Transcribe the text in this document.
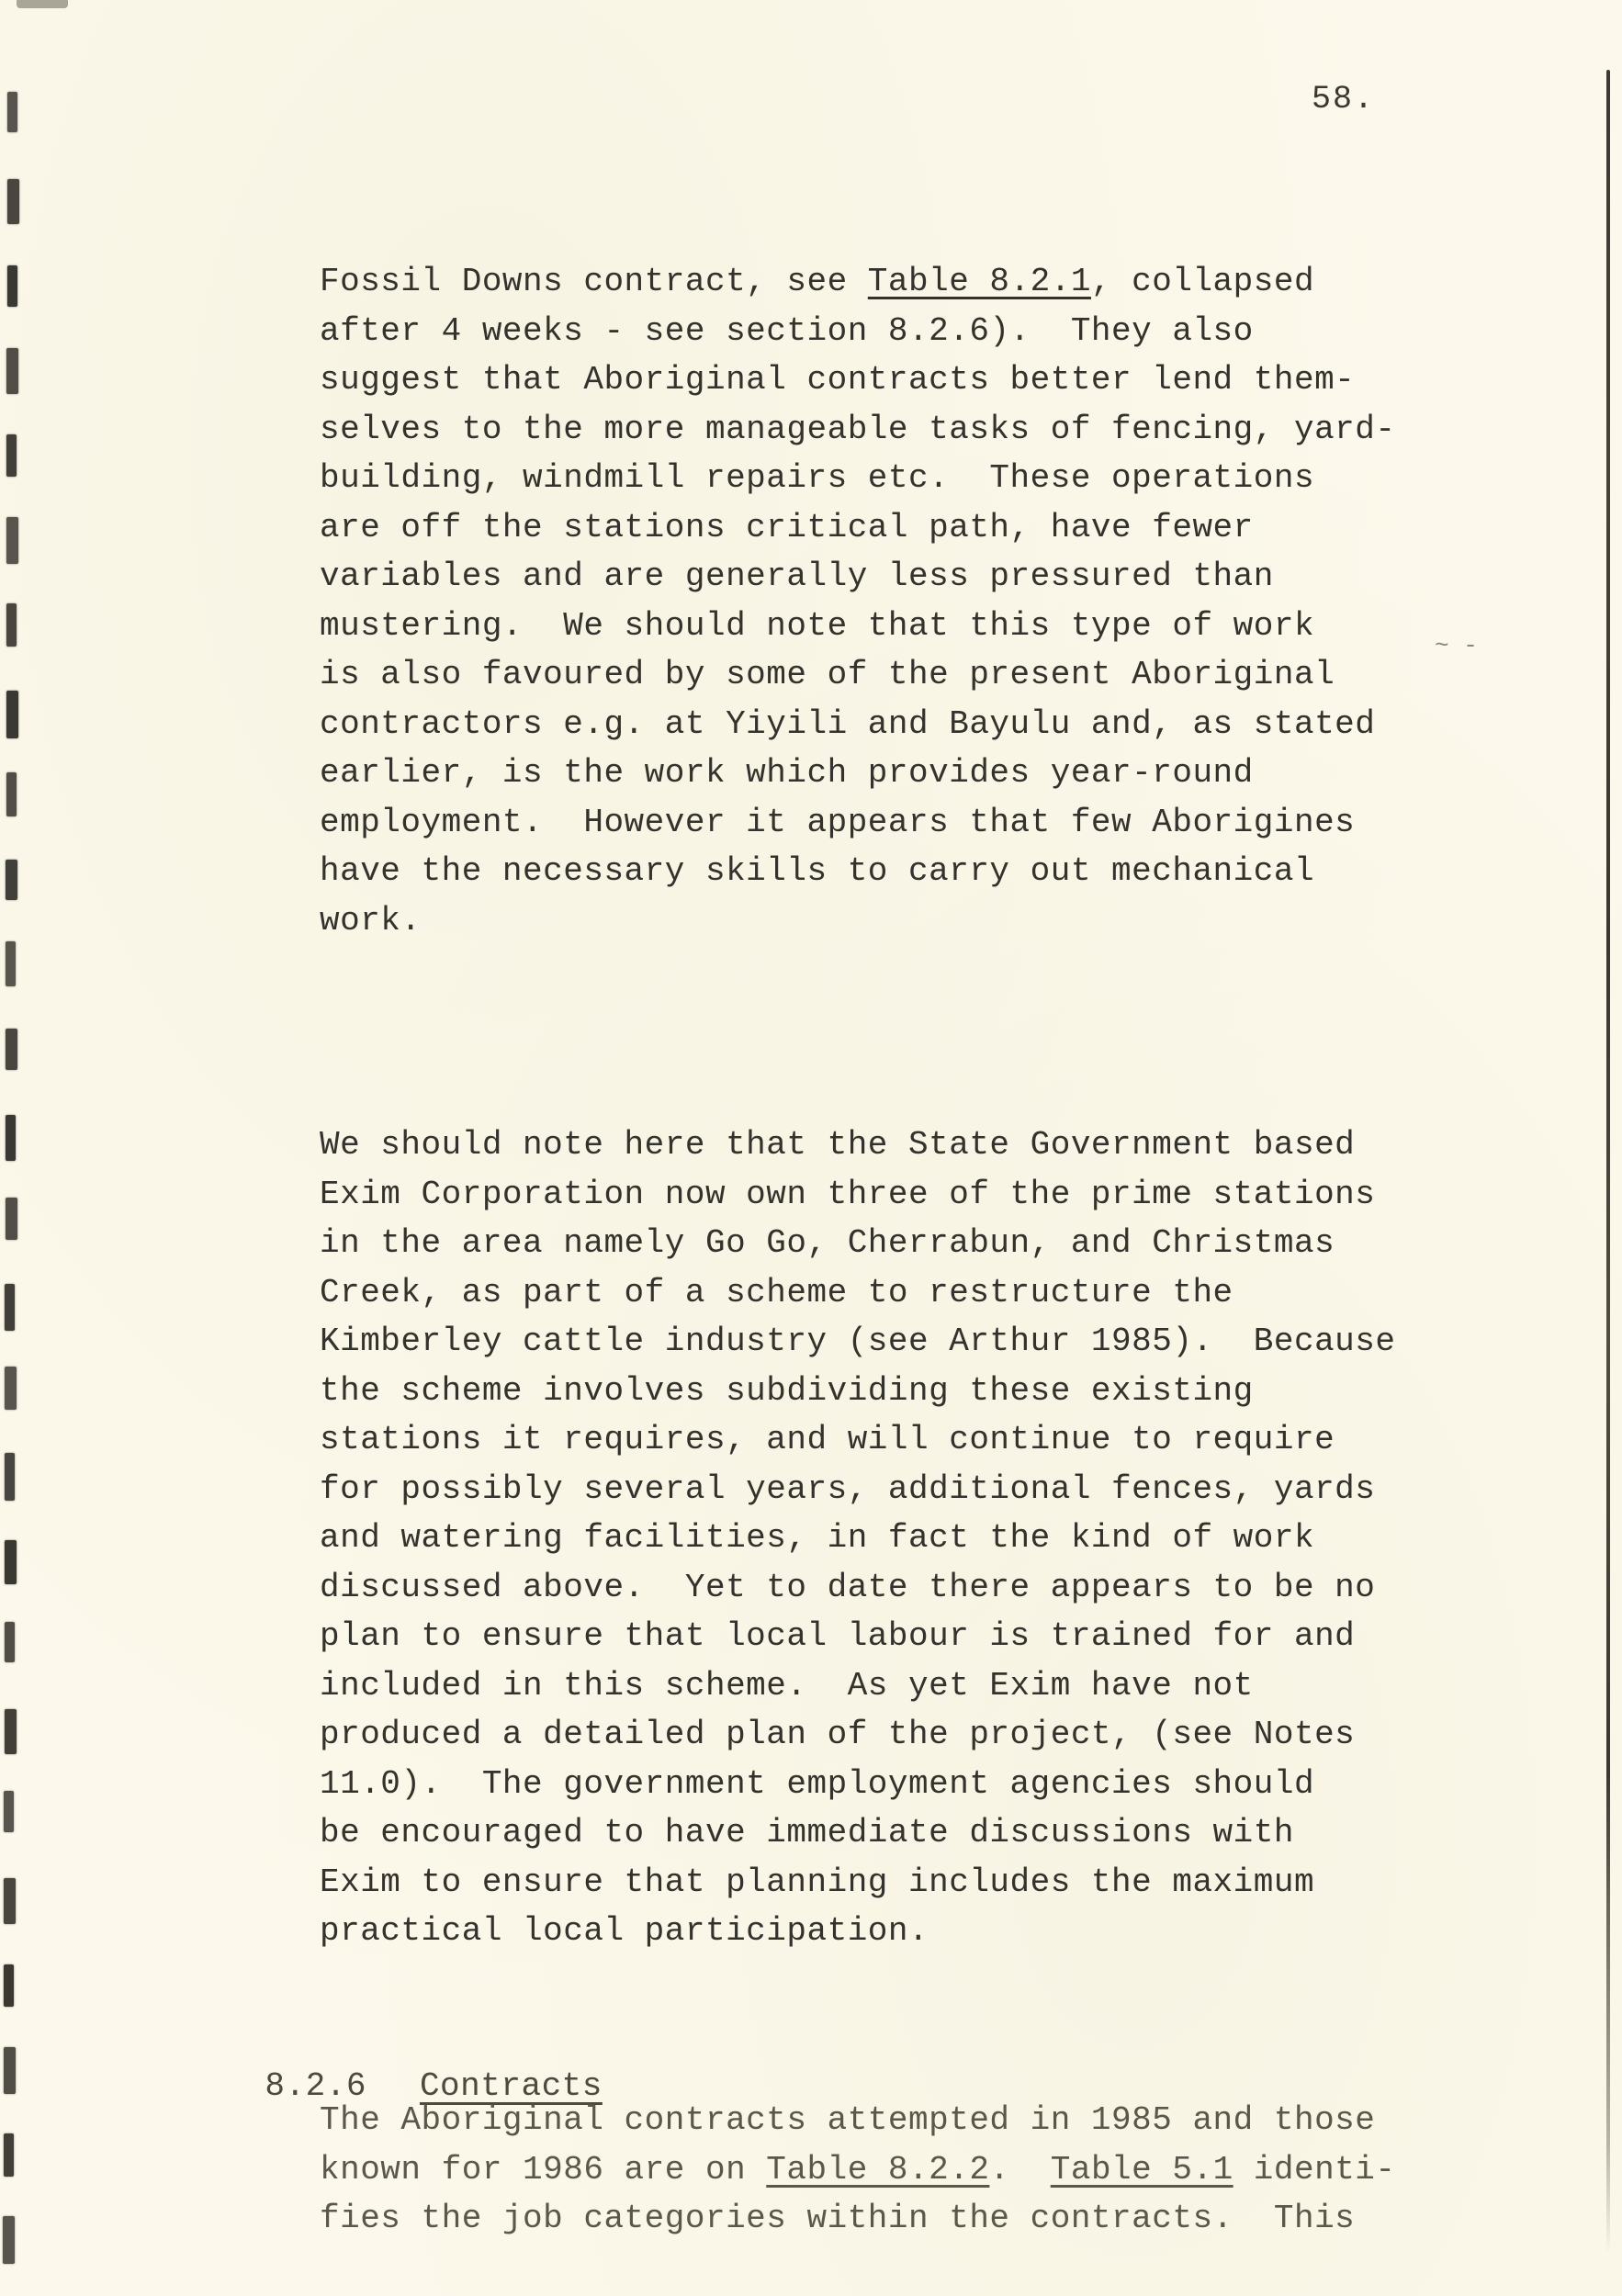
58.
Fossil Downs contract, see Table 8.2.1, collapsed
after 4 weeks - see section 8.2.6).  They also
suggest that Aboriginal contracts better lend them-
selves to the more manageable tasks of fencing, yard-
building, windmill repairs etc.  These operations
are off the stations critical path, have fewer
variables and are generally less pressured than
mustering.  We should note that this type of work
is also favoured by some of the present Aboriginal
contractors e.g. at Yiyili and Bayulu and, as stated
earlier, is the work which provides year-round
employment.  However it appears that few Aborigines
have the necessary skills to carry out mechanical
work.
We should note here that the State Government based
Exim Corporation now own three of the prime stations
in the area namely Go Go, Cherrabun, and Christmas
Creek, as part of a scheme to restructure the
Kimberley cattle industry (see Arthur 1985).  Because
the scheme involves subdividing these existing
stations it requires, and will continue to require
for possibly several years, additional fences, yards
and watering facilities, in fact the kind of work
discussed above.  Yet to date there appears to be no
plan to ensure that local labour is trained for and
included in this scheme.  As yet Exim have not
produced a detailed plan of the project, (see Notes
11.0).  The government employment agencies should
be encouraged to have immediate discussions with
Exim to ensure that planning includes the maximum
practical local participation.

8.2.6 Contracts

The Aboriginal contracts attempted in 1985 and those
known for 1986 are on Table 8.2.2.  Table 5.1 identi-
fies the job categories within the contracts.  This
~ -
